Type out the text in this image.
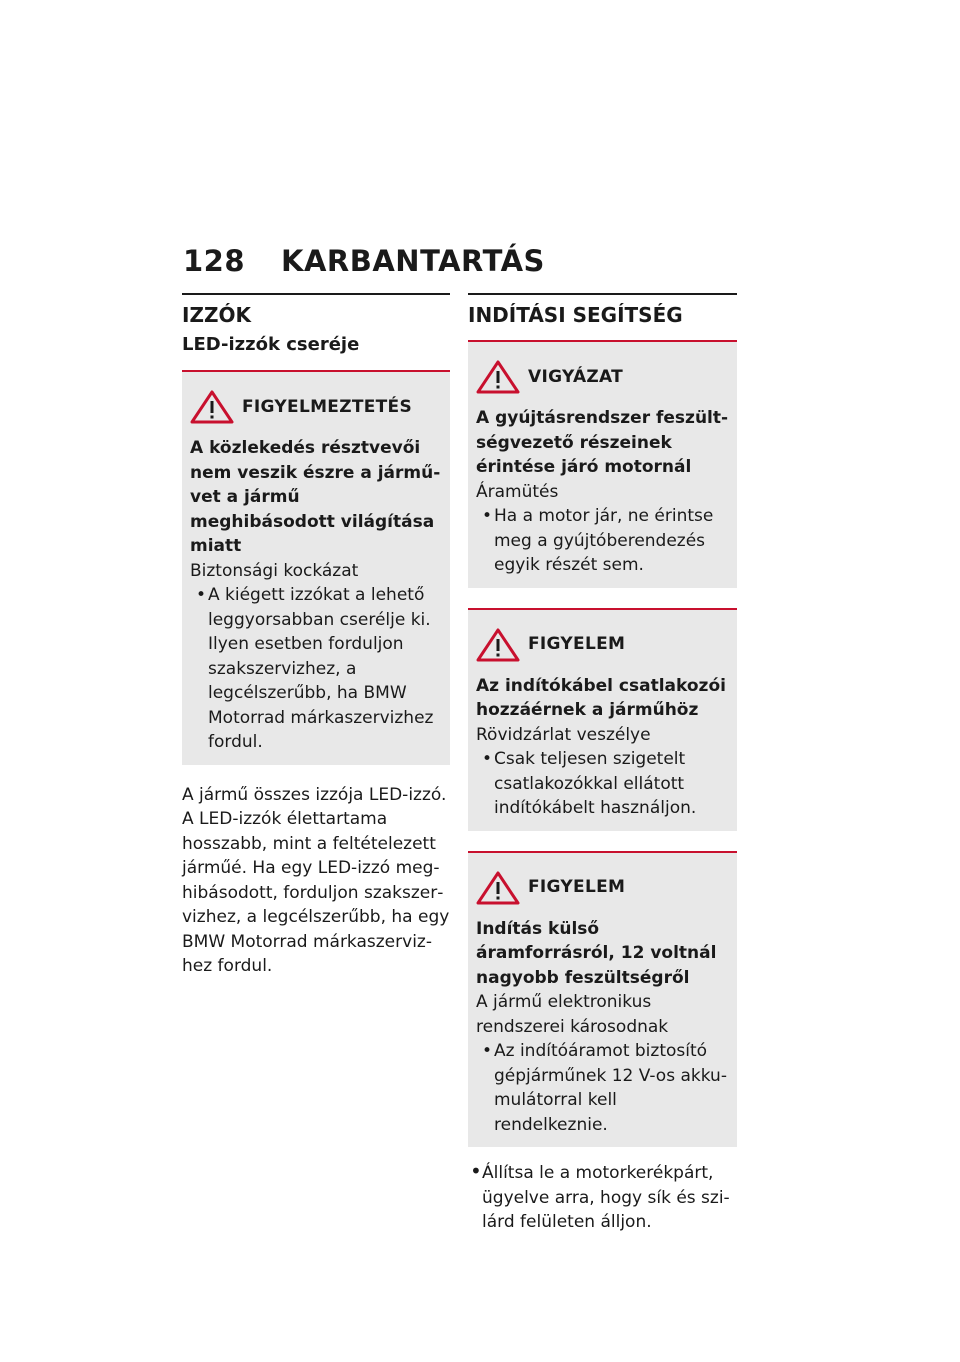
128 KARBANTARTÁS
IZZÓK
LED-izzók cseréje
FIGYELMEZTETÉS
A közlekedés résztvevői nem veszik észre a járművet a jármű meghibásodott világítása miatt
Biztonsági kockázat
• A kiégett izzókat a lehető leggyorsabban cserélje ki. Ilyen esetben forduljon szakszervizhez, a legcélszerűbb, ha BMW Motorrad márkaszervizhez fordul.
A jármű összes izzója LED-izzó. A LED-izzók élettartama hosszabb, mint a feltételezett járműé. Ha egy LED-izzó meghibásodott, forduljon szakszervizhez, a legcélszerűbb, ha egy BMW Motorrad márkaszervizhez fordul.
INDÍTÁSI SEGÍTSÉG
VIGYÁZAT
A gyújtásrendszer feszültségvezető részeinek érintése járó motornál
Áramütés
• Ha a motor jár, ne érintse meg a gyújtóberendezés egyik részét sem.
FIGYELEM
Az indítókábel csatlakozói hozzáérnek a járműhöz
Rövidzárlat veszélye
• Csak teljesen szigetelt csatlakozókkal ellátott indítókábelt használjon.
FIGYELEM
Indítás külső áramforrásról, 12 voltnál nagyobb feszültségről
A jármű elektronikus rendszerei károsodnak
• Az indítóáramot biztosító gépjárműnek 12 V-os akkumulátorral kell rendelkeznie.
• Állítsa le a motorkerékpárt, ügyelve arra, hogy sík és szilárd felületen álljon.
